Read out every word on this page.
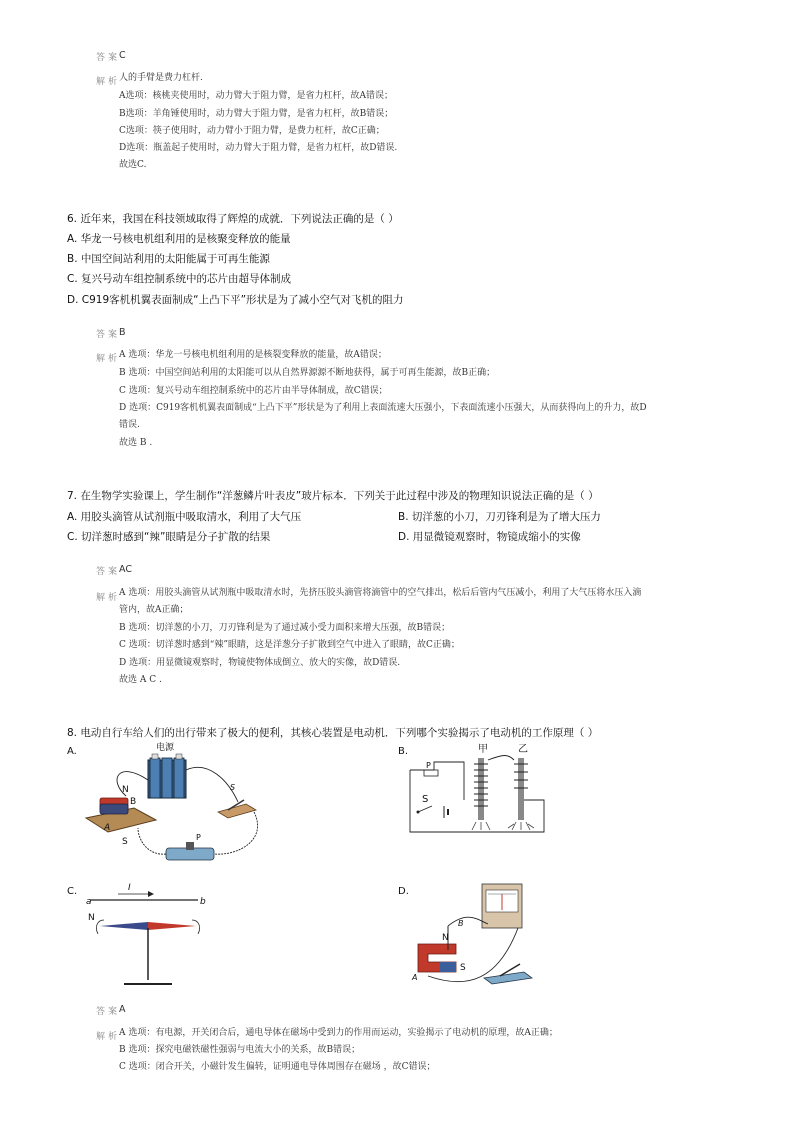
答案
C
解析
人的手臂是费力杠杆.
A选项：核桃夹使用时，动力臂大于阻力臂，是省力杠杆，故A错误；
B选项：羊角锤使用时，动力臂大于阻力臂，是省力杠杆，故B错误；
C选项：筷子使用时，动力臂小于阻力臂，是费力杠杆，故C正确；
D选项：瓶盖起子使用时，动力臂大于阻力臂，是省力杠杆，故D错误.
故选C.
6. 近年来，我国在科技领域取得了辉煌的成就．下列说法正确的是（ ）
A. 华龙一号核电机组利用的是核聚变释放的能量
B. 中国空间站利用的太阳能属于可再生能源
C. 复兴号动车组控制系统中的芯片由超导体制成
D. C919客机机翼表面制成“上凸下平”形状是为了减小空气对飞机的阻力
答案
B
解析
A 选项：华龙一号核电机组利用的是核裂变释放的能量，故A错误；
B 选项：中国空间站利用的太阳能可以从自然界源源不断地获得，属于可再生能源，故B正确；
C 选项：复兴号动车组控制系统中的芯片由半导体制成，故C错误；
D 选项：C919客机机翼表面制成“上凸下平”形状是为了利用上表面流速大压强小，下表面流速小压强大，从而获得向上的升力，故D
错误.
故选 B .
7. 在生物学实验课上，学生制作“洋葱鳞片叶表皮”玻片标本．下列关于此过程中涉及的物理知识说法正确的是（ ）
A. 用胶头滴管从试剂瓶中吸取清水，利用了大气压	B. 切洋葱的小刀，刀刃锋利是为了增大压力
C. 切洋葱时感到“辣”眼睛是分子扩散的结果	D. 用显微镜观察时，物镜成缩小的实像
答案
AC
解析
A 选项：用胶头滴管从试剂瓶中吸取清水时，先挤压胶头滴管将滴管中的空气排出，松后后管内气压减小，利用了大气压将水压入滴
管内，故A正确；
B 选项：切洋葱的小刀，刀刃锋利是为了通过减小受力面积来增大压强，故B错误；
C 选项：切洋葱时感到“辣”眼睛，这是洋葱分子扩散到空气中进入了眼睛，故C正确；
D 选项：用显微镜观察时，物镜使物体成倒立、放大的实像，故D错误.
故选 A C .
8. 电动自行车给人们的出行带来了极大的便利，其核心装置是电动机．下列哪个实验揭示了电动机的工作原理（ ）
A.	B.
C.	D.
电源
N
B
A
S
S
P
甲	乙
P
S
a
I
b
N
N
S
B
A
答案
A
解析
A 选项：有电源，开关闭合后，通电导体在磁场中受到力的作用而运动，实验揭示了电动机的原理，故A正确；
B 选项：探究电磁铁磁性强弱与电流大小的关系，故B错误；
C 选项：闭合开关，小磁针发生偏转，证明通电导体周围存在磁场 ，故C错误；
